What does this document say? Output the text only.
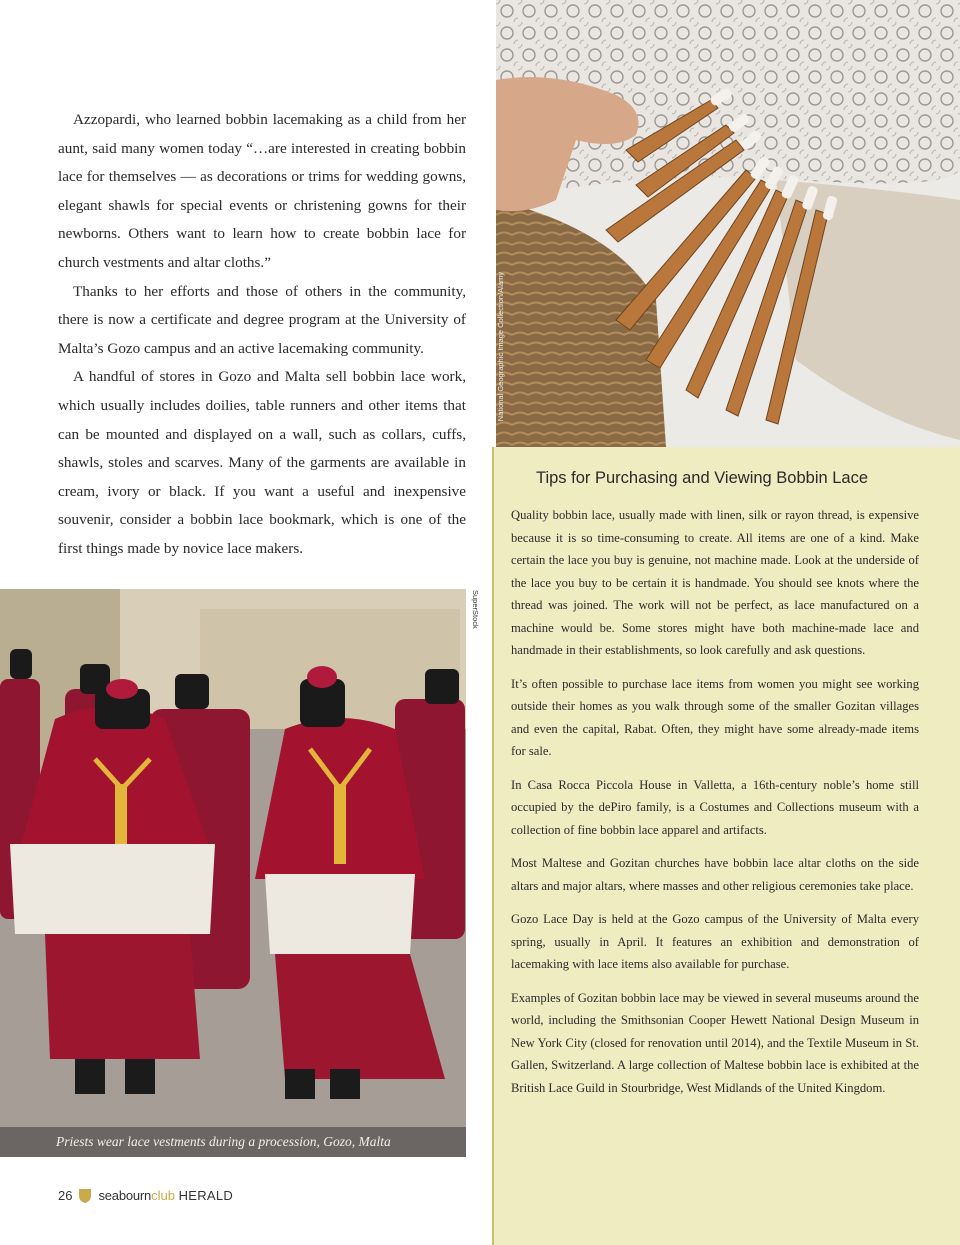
Azzopardi, who learned bobbin lacemaking as a child from her aunt, said many women today “…are interested in creating bobbin lace for themselves — as decorations or trims for wedding gowns, elegant shawls for special events or christening gowns for their newborns. Others want to learn how to create bobbin lace for church vestments and altar cloths.”

Thanks to her efforts and those of others in the community, there is now a certificate and degree program at the University of Malta’s Gozo campus and an active lacemaking community.

A handful of stores in Gozo and Malta sell bobbin lace work, which usually includes doilies, table runners and other items that can be mounted and displayed on a wall, such as collars, cuffs, shawls, stoles and scarves. Many of the garments are available in cream, ivory or black. If you want a useful and inexpensive souvenir, consider a bobbin lace bookmark, which is one of the first things made by novice lace makers.

National Geographic Image Collection/Alamy
Priests wear lace vestments during a procession, Gozo, Malta
SuperStock
Tips for Purchasing and Viewing Bobbin Lace

Quality bobbin lace, usually made with linen, silk or rayon thread, is expensive because it is so time-consuming to create. All items are one of a kind. Make certain the lace you buy is genuine, not machine made. Look at the underside of the lace you buy to be certain it is handmade. You should see knots where the thread was joined. The work will not be perfect, as lace manufactured on a machine would be. Some stores might have both machine-made lace and handmade in their establishments, so look carefully and ask questions.

It’s often possible to purchase lace items from women you might see working outside their homes as you walk through some of the smaller Gozitan villages and even the capital, Rabat. Often, they might have some already-made items for sale.

In Casa Rocca Piccola House in Valletta, a 16th-century noble’s home still occupied by the dePiro family, is a Costumes and Collections museum with a collection of fine bobbin lace apparel and artifacts.

Most Maltese and Gozitan churches have bobbin lace altar cloths on the side altars and major altars, where masses and other religious ceremonies take place.

Gozo Lace Day is held at the Gozo campus of the University of Malta every spring, usually in April. It features an exhibition and demonstration of lacemaking with lace items also available for purchase.

Examples of Gozitan bobbin lace may be viewed in several museums around the world, including the Smithsonian Cooper Hewett National Design Museum in New York City (closed for renovation until 2014), and the Textile Museum in St. Gallen, Switzerland. A large collection of Maltese bobbin lace is exhibited at the British Lace Guild in Stourbridge, West Midlands of the United Kingdom.

26 seabournclub HERALD
